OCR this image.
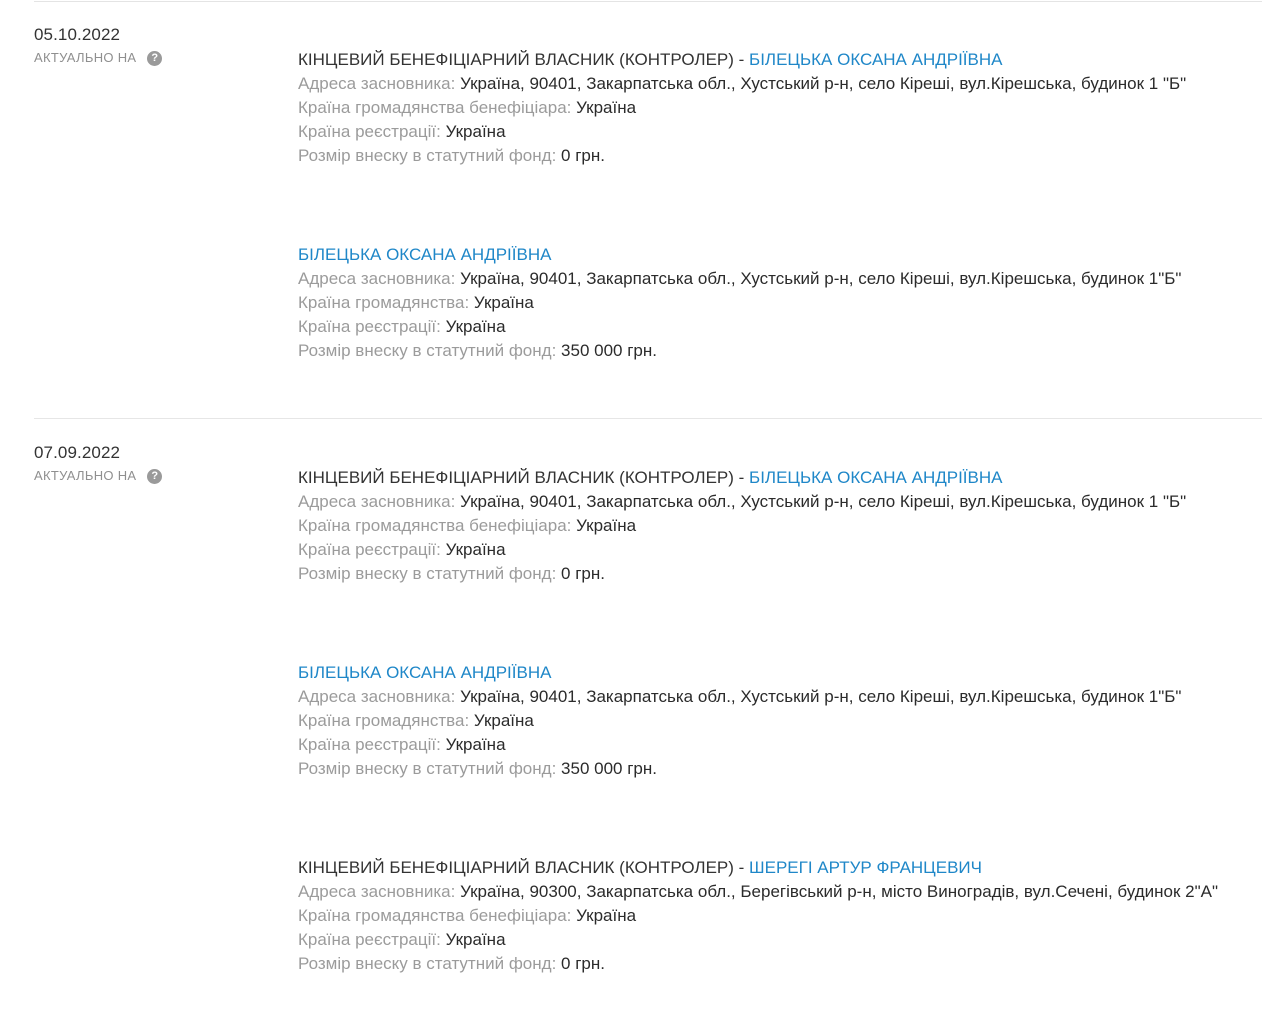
05.10.2022
АКТУАЛЬНО НА	?	КІНЦЕВИЙ БЕНЕФІЦІАРНИЙ ВЛАСНИК (КОНТРОЛЕР) - БІЛЕЦЬКА ОКСАНА АНДРІЇВНА
Адреса засновника: Україна, 90401, Закарпатська обл., Хустський р-н, село Кіреші, вул.Кірешська, будинок 1 "Б"
Країна громадянства бенефіціара: Україна
Країна реєстрації: Україна
Розмір внеску в статутний фонд: 0 грн.
БІЛЕЦЬКА ОКСАНА АНДРІЇВНА
Адреса засновника: Україна, 90401, Закарпатська обл., Хустський р-н, село Кіреші, вул.Кірешська, будинок 1"Б"
Країна громадянства: Україна
Країна реєстрації: Україна
Розмір внеску в статутний фонд: 350 000 грн.
07.09.2022
АКТУАЛЬНО НА	?	КІНЦЕВИЙ БЕНЕФІЦІАРНИЙ ВЛАСНИК (КОНТРОЛЕР) - БІЛЕЦЬКА ОКСАНА АНДРІЇВНА
Адреса засновника: Україна, 90401, Закарпатська обл., Хустський р-н, село Кіреші, вул.Кірешська, будинок 1 "Б"
Країна громадянства бенефіціара: Україна
Країна реєстрації: Україна
Розмір внеску в статутний фонд: 0 грн.
БІЛЕЦЬКА ОКСАНА АНДРІЇВНА
Адреса засновника: Україна, 90401, Закарпатська обл., Хустський р-н, село Кіреші, вул.Кірешська, будинок 1"Б"
Країна громадянства: Україна
Країна реєстрації: Україна
Розмір внеску в статутний фонд: 350 000 грн.
КІНЦЕВИЙ БЕНЕФІЦІАРНИЙ ВЛАСНИК (КОНТРОЛЕР) - ШЕРЕГІ АРТУР ФРАНЦЕВИЧ
Адреса засновника: Україна, 90300, Закарпатська обл., Берегівський р-н, місто Виноградів, вул.Сечені, будинок 2"А"
Країна громадянства бенефіціара: Україна
Країна реєстрації: Україна
Розмір внеску в статутний фонд: 0 грн.
